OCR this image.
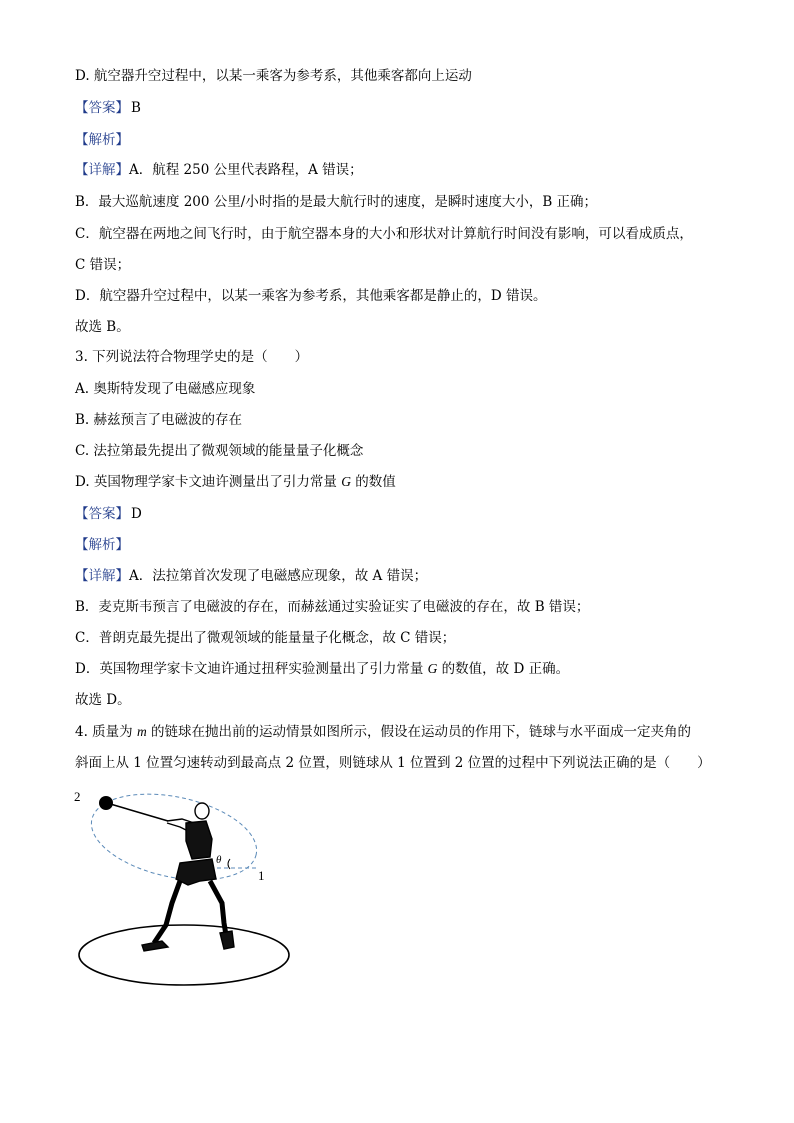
D. 航空器升空过程中，以某一乘客为参考系，其他乘客都向上运动
【答案】 B
【解析】
【详解】A．航程 250 公里代表路程，A 错误；
B．最大巡航速度 200 公里/小时指的是最大航行时的速度，是瞬时速度大小，B 正确；
C．航空器在两地之间飞行时，由于航空器本身的大小和形状对计算航行时间没有影响，可以看成质点，
C 错误；
D．航空器升空过程中，以某一乘客为参考系，其他乘客都是静止的，D 错误。
故选 B。
3. 下列说法符合物理学史的是（　　）
A. 奥斯特发现了电磁感应现象
B. 赫兹预言了电磁波的存在
C. 法拉第最先提出了微观领域的能量量子化概念
D. 英国物理学家卡文迪许测量出了引力常量 G 的数值
【答案】 D
【解析】
【详解】A．法拉第首次发现了电磁感应现象，故 A 错误；
B．麦克斯韦预言了电磁波的存在，而赫兹通过实验证实了电磁波的存在，故 B 错误；
C．普朗克最先提出了微观领域的能量量子化概念，故 C 错误；
D．英国物理学家卡文迪许通过扭秤实验测量出了引力常量 G 的数值，故 D 正确。
故选 D。
4. 质量为 m 的链球在抛出前的运动情景如图所示，假设在运动员的作用下，链球与水平面成一定夹角的
斜面上从 1 位置匀速转动到最高点 2 位置，则链球从 1 位置到 2 位置的过程中下列说法正确的是（　　）
θ
2
1
